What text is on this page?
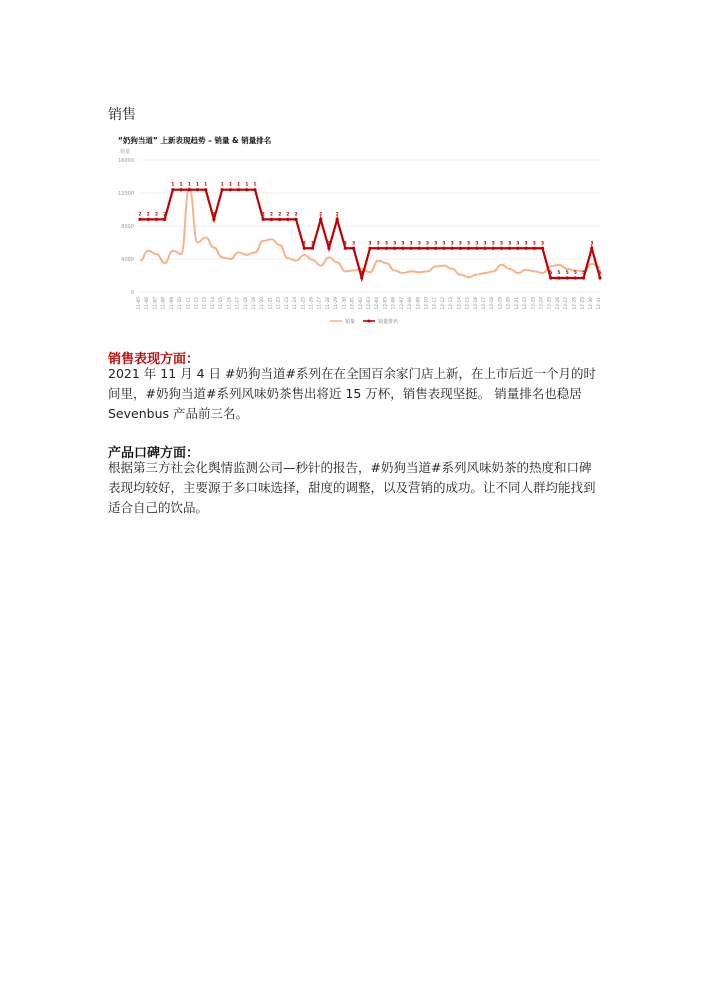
销售
“奶狗当道” 上新表现趋势 – 销量 & 销量排名
销量
0
4000
8000
12000
16000
11-05 11-06 11-07 11-08 11-09 11-10 11-11 11-12 11-13 11-14 11-15 11-16 11-17 11-18 11-19 11-20 11-21 11-22 11-23 11-24 11-25 11-26 11-27 11-28 11-29 11-30 12-01 12-02 12-03 12-04 12-05 12-06 12-07 12-08 12-09 12-10 12-11 12-12 12-13 12-14 12-15 12-16 12-17 12-18 12-19 12-20 12-21 12-22 12-23 12-24 12-25 12-26 12-27 12-28 12-29 12-30 12-31
2 2 2 2
1 1 1 1 1
2
1 1 1 1 1
2 2 2 2 2
3 3
2
3
2
3 3
4
3 3 3 3 3 3 3 3 3 3 3 3 3 3 3 3 3 3 3 3 3 3
5 5 5 5 5
3
5
销量	销量排名
销售表现方面：

2021 年 11 月 4 日 #奶狗当道#系列在在全国百余家门店上新，在上市后近一个月的时间里，#奶狗当道#系列风味奶茶售出将近 15 万杯，销售表现坚挺。 销量排名也稳居 Sevenbus 产品前三名。

产品口碑方面：

根据第三方社会化舆情监测公司—秒针的报告，#奶狗当道#系列风味奶茶的热度和口碑表现均较好，主要源于多口味选择，甜度的调整，以及营销的成功。让不同人群均能找到适合自己的饮品。
